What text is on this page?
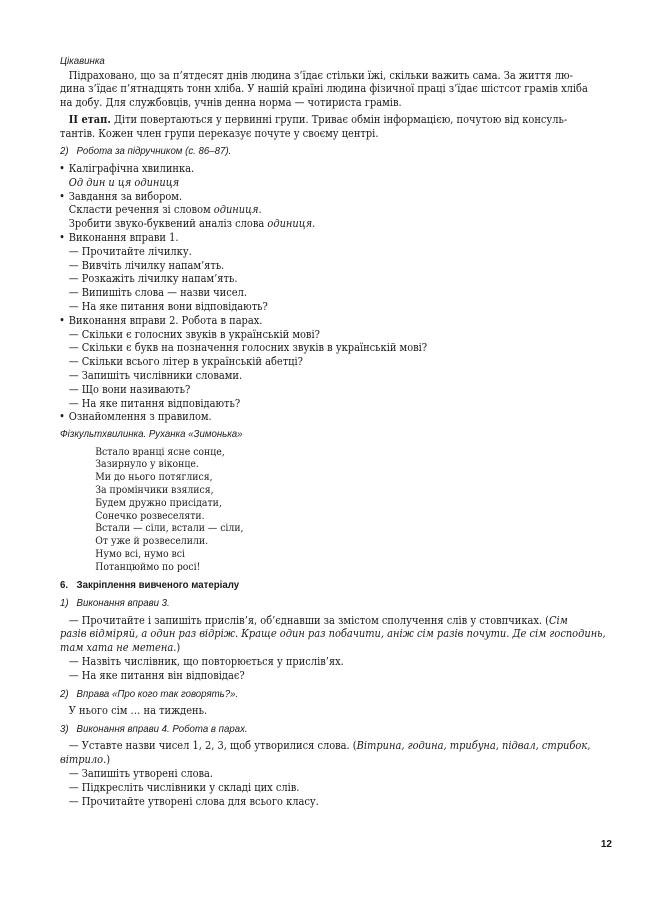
Цікавинка
Підраховано, що за п’ятдесят днів людина з’їдає стільки їжі, скільки важить сама. За життя лю-
дина з’їдає п’ятнадцять тонн хліба. У нашій країні людина фізичної праці з’їдає шістсот грамів хліба
на добу. Для службовців, учнів денна норма — чотириста грамів.
ІІ етап. Діти повертаються у первинні групи. Триває обмін інформацією, почутою від консуль-
тантів. Кожен член групи переказує почуте у своєму центрі.
2) Робота за підручником (с. 86–87).
• Каліграфічна хвилинка.
Од дин и ця одиниця
• Завдання за вибором.
Скласти речення зі словом одиниця.
Зробити звуко-буквений аналіз слова одиниця.
• Виконання вправи 1.
— Прочитайте лічилку.
— Вивчіть лічилку напам’ять.
— Розкажіть лічилку напам’ять.
— Випишіть слова — назви чисел.
— На яке питання вони відповідають?
• Виконання вправи 2. Робота в парах.
— Скільки є голосних звуків в українській мові?
— Скільки є букв на позначення голосних звуків в українській мові?
— Скільки всього літер в українській абетці?
— Запишіть числівники словами.
— Що вони називають?
— На яке питання відповідають?
• Ознайомлення з правилом.
Фізкультхвилинка. Руханка «Зимонька»
Встало вранці ясне сонце,
Зазирнуло у віконце.
Ми до нього потяглися,
За промінчики взялися,
Будем дружно присідати,
Сонечко розвеселяти.
Встали — сіли, встали — сіли,
От уже й розвеселили.
Нумо всі, нумо всі
Потанцюймо по росі!
6. Закріплення вивченого матеріалу
1) Виконання вправи 3.
— Прочитайте і запишіть прислів’я, об’єднавши за змістом сполучення слів у стовпчиках. (Сім
разів відміряй, а один раз відріж. Краще один раз побачити, аніж сім разів почути. Де сім господинь,
там хата не метена.)
— Назвіть числівник, що повторюється у прислів’ях.
— На яке питання він відповідає?
2) Вправа «Про кого так говорять?».
У нього сім … на тиждень.
3) Виконання вправи 4. Робота в парах.
— Уставте назви чисел 1, 2, 3, щоб утворилися слова. (Вітрина, година, трибуна, підвал, стрибок,
вітрило.)
— Запишіть утворені слова.
— Підкресліть числівники у складі цих слів.
— Прочитайте утворені слова для всього класу.
12
